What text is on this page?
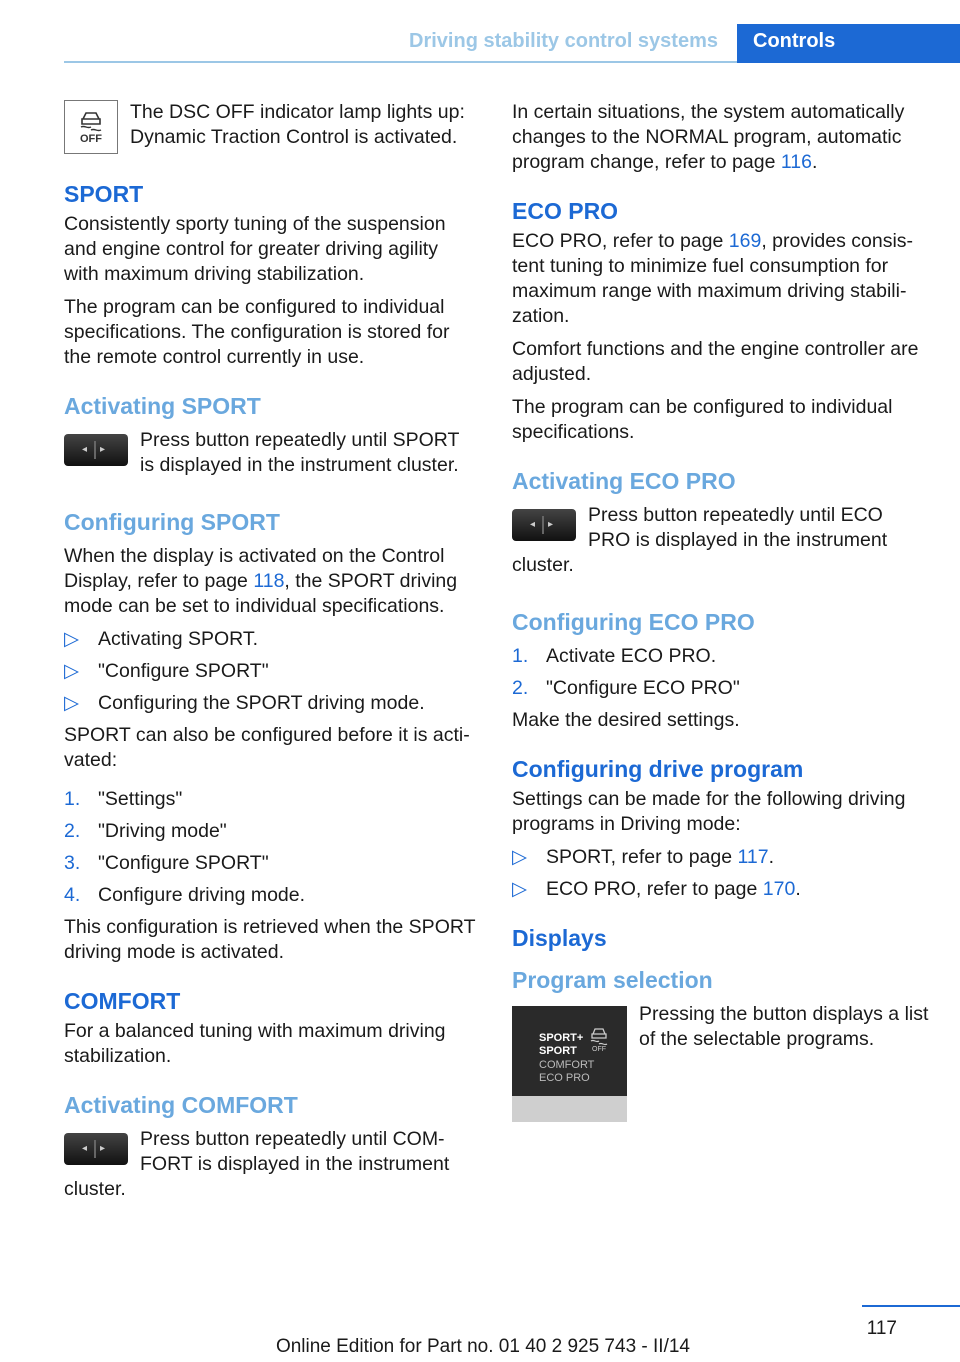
Driving stability control systems	Controls
OFF

The DSC OFF indicator lamp lights up: Dynamic Traction Control is activated.

SPORT

Consistently sporty tuning of the suspension and engine control for greater driving agility with maximum driving stabilization.

The program can be configured to individual specifications. The configuration is stored for the remote control currently in use.

Activating SPORT
◂ ▸	Press button repeatedly until SPORT is displayed in the instrument cluster.

Configuring SPORT

When the display is activated on the Control Display, refer to page 118, the SPORT driving mode can be set to individual specifications.

▷ Activating SPORT.
▷ "Configure SPORT"
▷ Configuring the SPORT driving mode.

SPORT can also be configured before it is acti‐vated:

1. "Settings"
2. "Driving mode"
3. "Configure SPORT"
4. Configure driving mode.

This configuration is retrieved when the SPORT driving mode is activated.

COMFORT

For a balanced tuning with maximum driving stabilization.

Activating COMFORT
◂ ▸	Press button repeatedly until COM‐FORT is displayed in the instrument cluster.

In certain situations, the system automatically changes to the NORMAL program, automatic program change, refer to page 116.

ECO PRO

ECO PRO, refer to page 169, provides consis‐tent tuning to minimize fuel consumption for maximum range with maximum driving stabili‐zation.

Comfort functions and the engine controller are adjusted.

The program can be configured to individual specifications.

Activating ECO PRO
◂ ▸	Press button repeatedly until ECO PRO is displayed in the instrument cluster.

Configuring ECO PRO
1. Activate ECO PRO.
2. "Configure ECO PRO"

Make the desired settings.

Configuring drive program

Settings can be made for the following driving programs in Driving mode:

▷ SPORT, refer to page 117.
▷ ECO PRO, refer to page 170.
Displays
Program selection
SPORT+
SPORT
COMFORT
ECO PRO
OFF

Pressing the button displays a list of the selectable programs.

117
Online Edition for Part no. 01 40 2 925 743 - II/14
